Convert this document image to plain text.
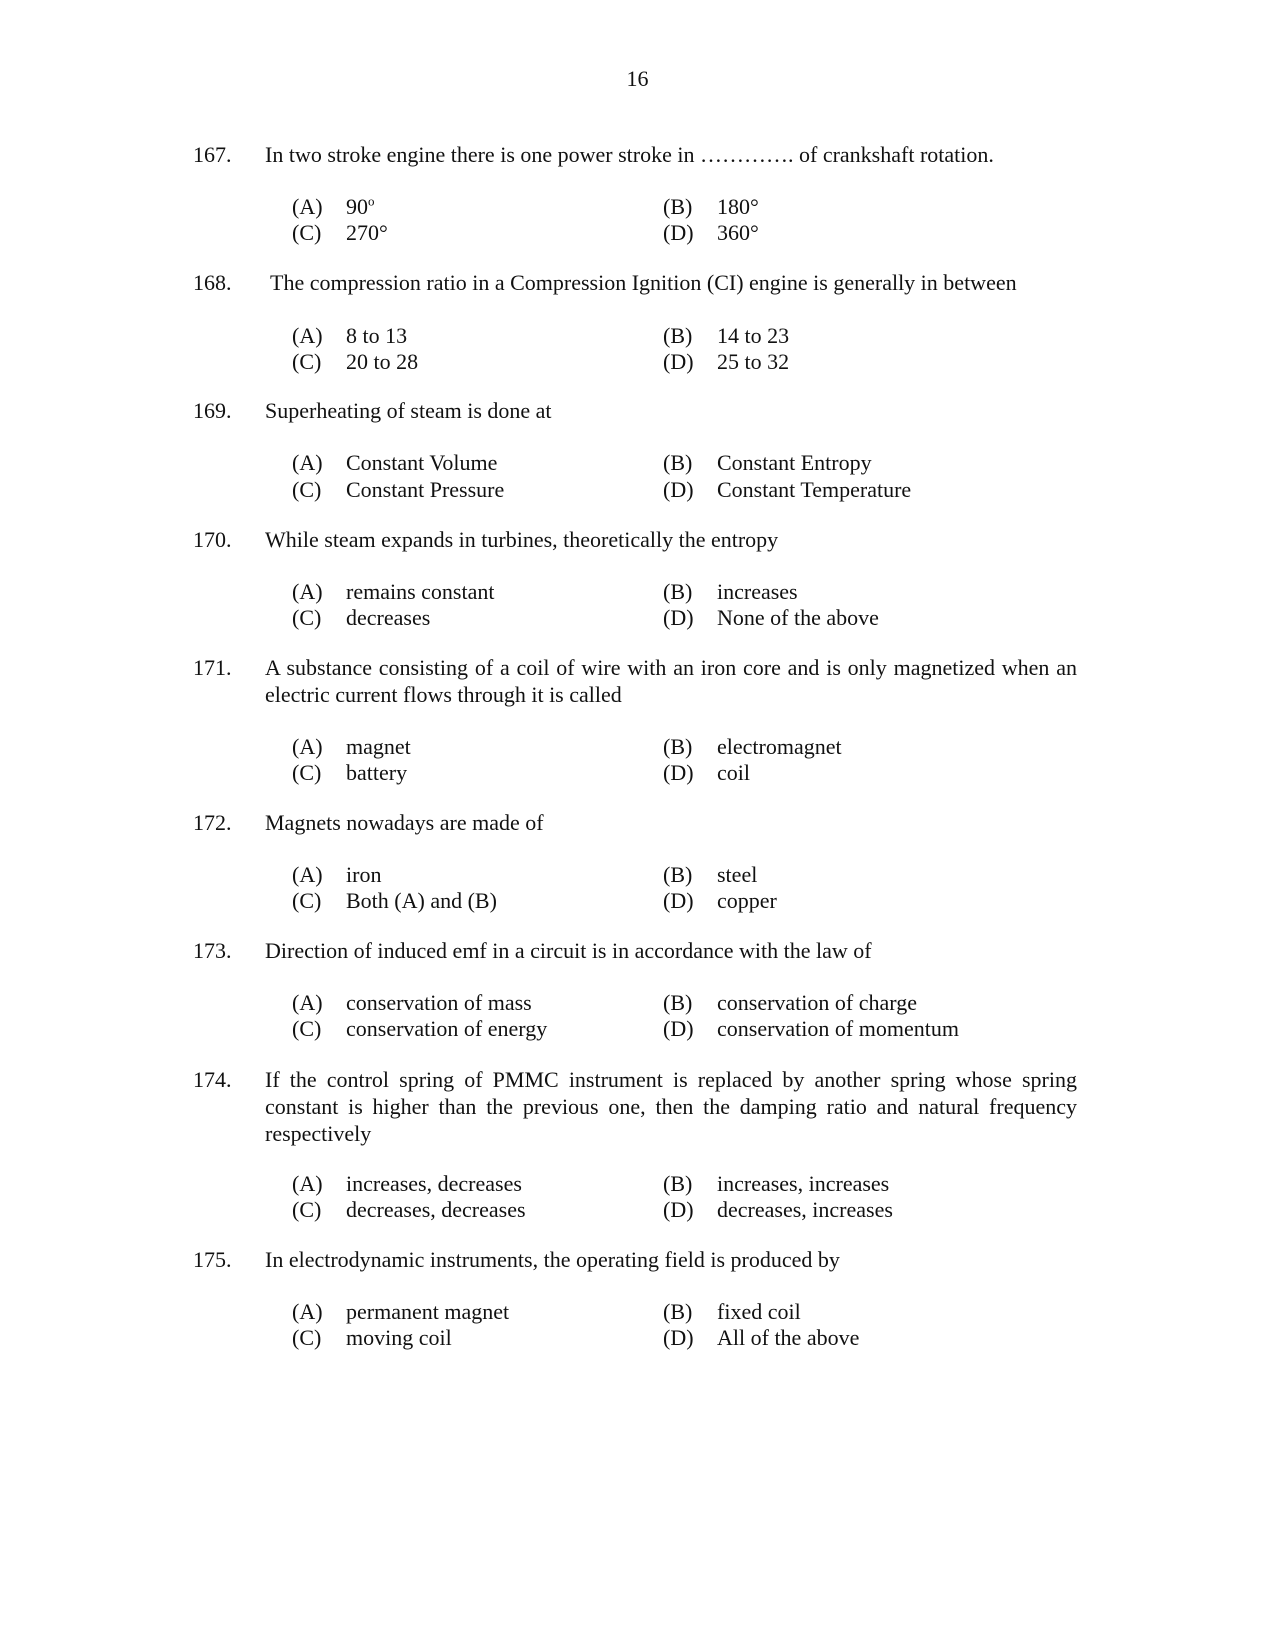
16
167. In two stroke engine there is one power stroke in …………. of crankshaft rotation.
(A) 90$^o$	(B) 180°
(C) 270°	(D) 360°
168. The compression ratio in a Compression Ignition (CI) engine is generally in between
(A) 8 to 13	(B) 14 to 23
(C) 20 to 28	(D) 25 to 32
169. Superheating of steam is done at
(A) Constant Volume	(B) Constant Entropy
(C) Constant Pressure	(D) Constant Temperature
170. While steam expands in turbines, theoretically the entropy
(A) remains constant	(B) increases
(C) decreases	(D) None of the above
171. A substance consisting of a coil of wire with an iron core and is only magnetized when an electric current flows through it is called
(A) magnet	(B) electromagnet
(C) battery	(D) coil
172. Magnets nowadays are made of
(A) iron	(B) steel
(C) Both (A) and (B)	(D) copper
173. Direction of induced emf in a circuit is in accordance with the law of
(A) conservation of mass	(B) conservation of charge
(C) conservation of energy	(D) conservation of momentum
174. If the control spring of PMMC instrument is replaced by another spring whose spring constant is higher than the previous one, then the damping ratio and natural frequency respectively
(A) increases, decreases	(B) increases, increases
(C) decreases, decreases	(D) decreases, increases
175. In electrodynamic instruments, the operating field is produced by
(A) permanent magnet	(B) fixed coil
(C) moving coil	(D) All of the above
